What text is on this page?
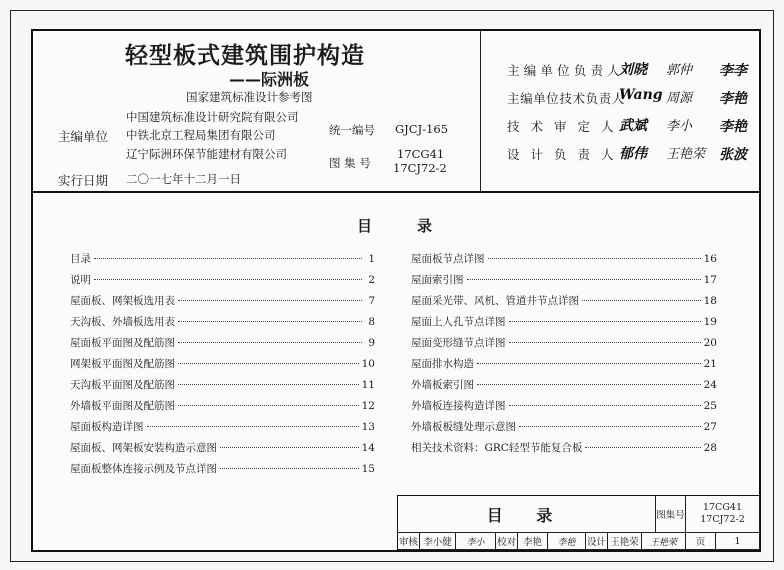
轻型板式建筑围护构造
——际洲板
国家建筑标准设计参考图
主编单位
中国建筑标准设计研究院有限公司
中铁北京工程局集团有限公司
辽宁际洲环保节能建材有限公司
统一编号 GJCJ-165
图 集 号
17CG41
17CJ72-2
实行日期 二〇一七年十二月一日
主编单位负责人
刘晓 郭仲 李李
主编单位技术负责人
Wang 周源 李艳
技术审定人
武斌 李小 李艳
设计负责人
郁伟 王艳荣 张波
目	录
目录	1
说明	2
屋面板、网架板选用表	7
天沟板、外墙板选用表	8
屋面板平面图及配筋图	9
网架板平面图及配筋图	10
天沟板平面图及配筋图	11
外墙板平面图及配筋图	12
屋面板构造详图	13
屋面板、网架板安装构造示意图	14
屋面板整体连接示例及节点详图	15
屋面板节点详图	16
屋面索引图	17
屋面采光带、风机、管道井节点详图	18
屋面上人孔节点详图	19
屋面变形缝节点详图	20
屋面排水构造	21
外墙板索引图	24
外墙板连接构造详图	25
外墙板板缝处理示意图	27
相关技术资料：GRC轻型节能复合板	28
目 录	图集号
17CG41
17CJ72-2
审核 李小健	李小	校对 李艳	李艳	设计 王艳荣	王艳荣	页	1
